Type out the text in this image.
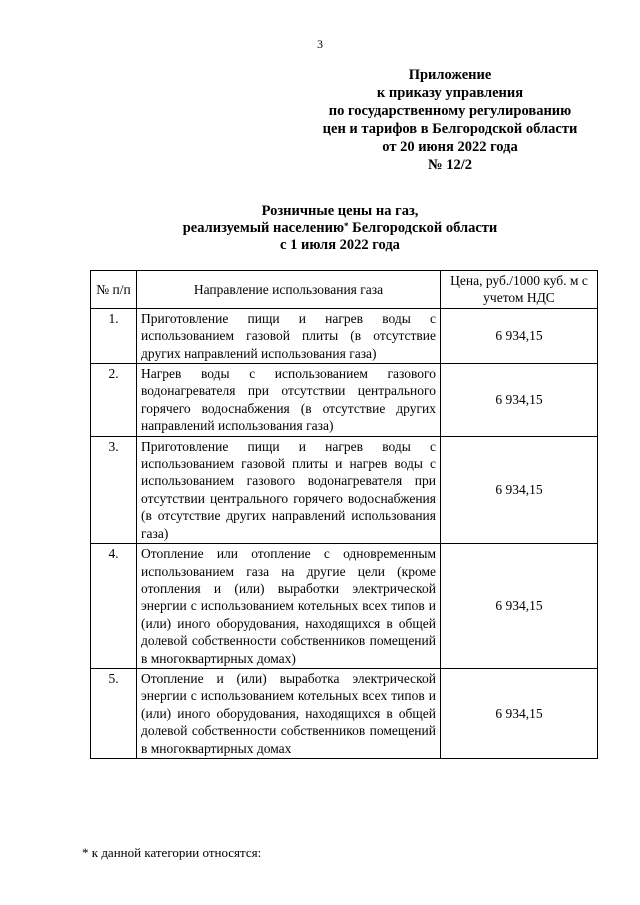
3
Приложение
к приказу управления
по государственному регулированию
цен и тарифов в Белгородской области
от 20 июня 2022 года
№ 12/2
Розничные цены на газ,
реализуемый населению* Белгородской области
с 1 июля 2022 года
№ п/п	Направление использования газа	Цена, руб./1000 куб. м с учетом НДС
1.	Приготовление пищи и нагрев воды с использованием газовой плиты (в отсутствие других направлений использования газа)	6 934,15
2.	Нагрев воды с использованием газового водонагревателя при отсутствии центрального горячего водоснабжения (в отсутствие других направлений использования газа)	6 934,15
3.	Приготовление пищи и нагрев воды с использованием газовой плиты и нагрев воды с использованием газового водонагревателя при отсутствии центрального горячего водоснабжения (в отсутствие других направлений использования газа)	6 934,15
4.	Отопление или отопление с одновременным использованием газа на другие цели (кроме отопления и (или) выработки электрической энергии с использованием котельных всех типов и (или) иного оборудования, находящихся в общей долевой собственности собственников помещений в многоквартирных домах)	6 934,15
5.	Отопление и (или) выработка электрической энергии с использованием котельных всех типов и (или) иного оборудования, находящихся в общей долевой собственности собственников помещений в многоквартирных домах	6 934,15
* к данной категории относятся:
